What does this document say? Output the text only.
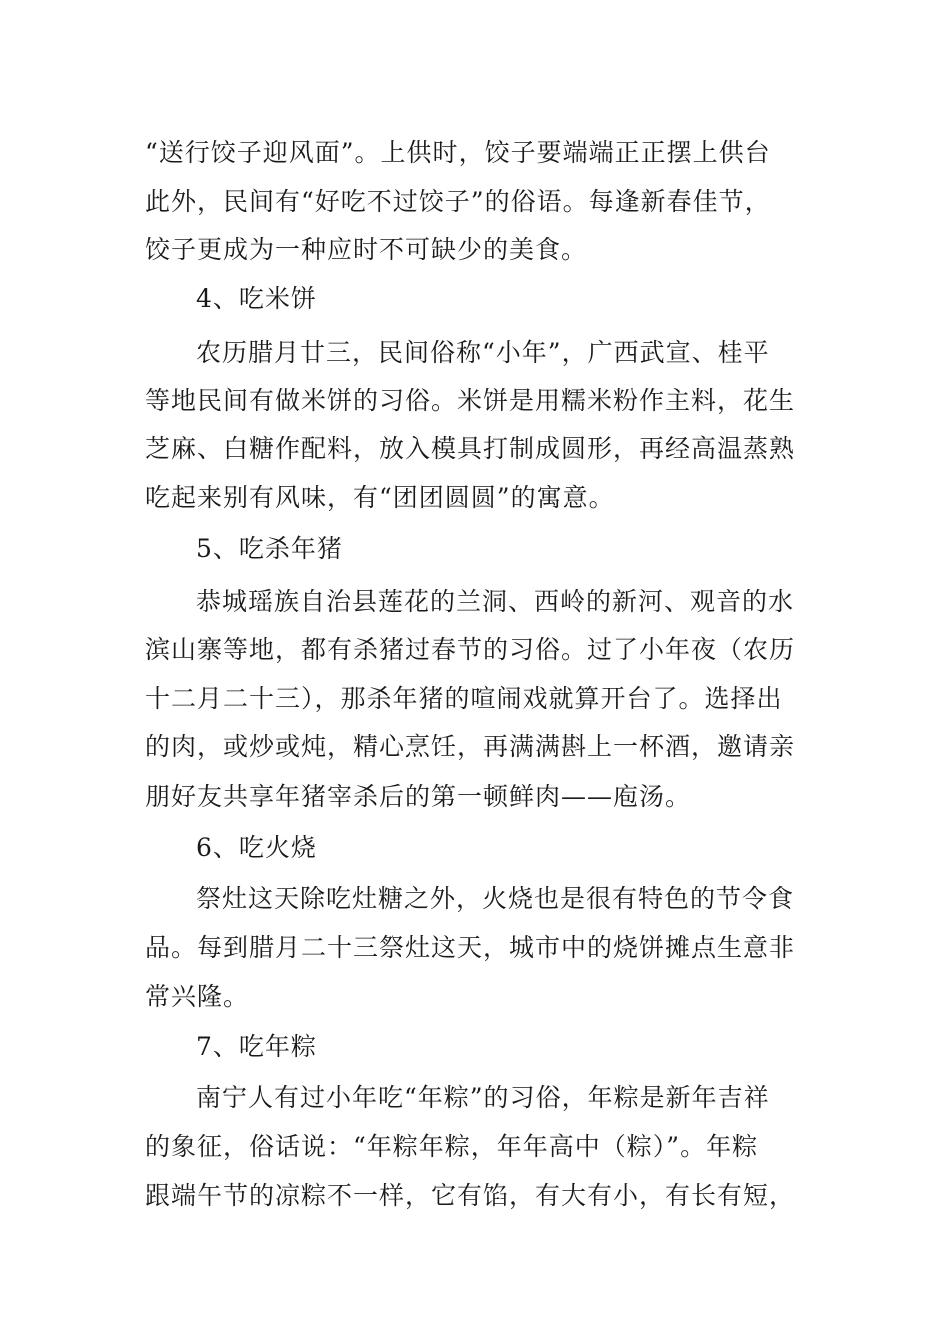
“送行饺子迎风面”。上供时，饺子要端端正正摆上供台
此外，民间有“好吃不过饺子”的俗语。每逢新春佳节，
饺子更成为一种应时不可缺少的美食。
4、吃米饼
农历腊月廿三，民间俗称“小年”，广西武宣、桂平
等地民间有做米饼的习俗。米饼是用糯米粉作主料，花生
芝麻、白糖作配料，放入模具打制成圆形，再经高温蒸熟
吃起来别有风味，有“团团圆圆”的寓意。
5、吃杀年猪
恭城瑶族自治县莲花的兰洞、西岭的新河、观音的水
滨山寨等地，都有杀猪过春节的习俗。过了小年夜（农历
十二月二十三），那杀年猪的喧闹戏就算开台了。选择出
的肉，或炒或炖，精心烹饪，再满满斟上一杯酒，邀请亲
朋好友共享年猪宰杀后的第一顿鲜肉——庖汤。
6、吃火烧
祭灶这天除吃灶糖之外，火烧也是很有特色的节令食
品。每到腊月二十三祭灶这天，城市中的烧饼摊点生意非
常兴隆。
7、吃年粽
南宁人有过小年吃“年粽”的习俗，年粽是新年吉祥
的象征，俗话说：“年粽年粽，年年高中（粽）”。年粽
跟端午节的凉粽不一样，它有馅，有大有小，有长有短，
